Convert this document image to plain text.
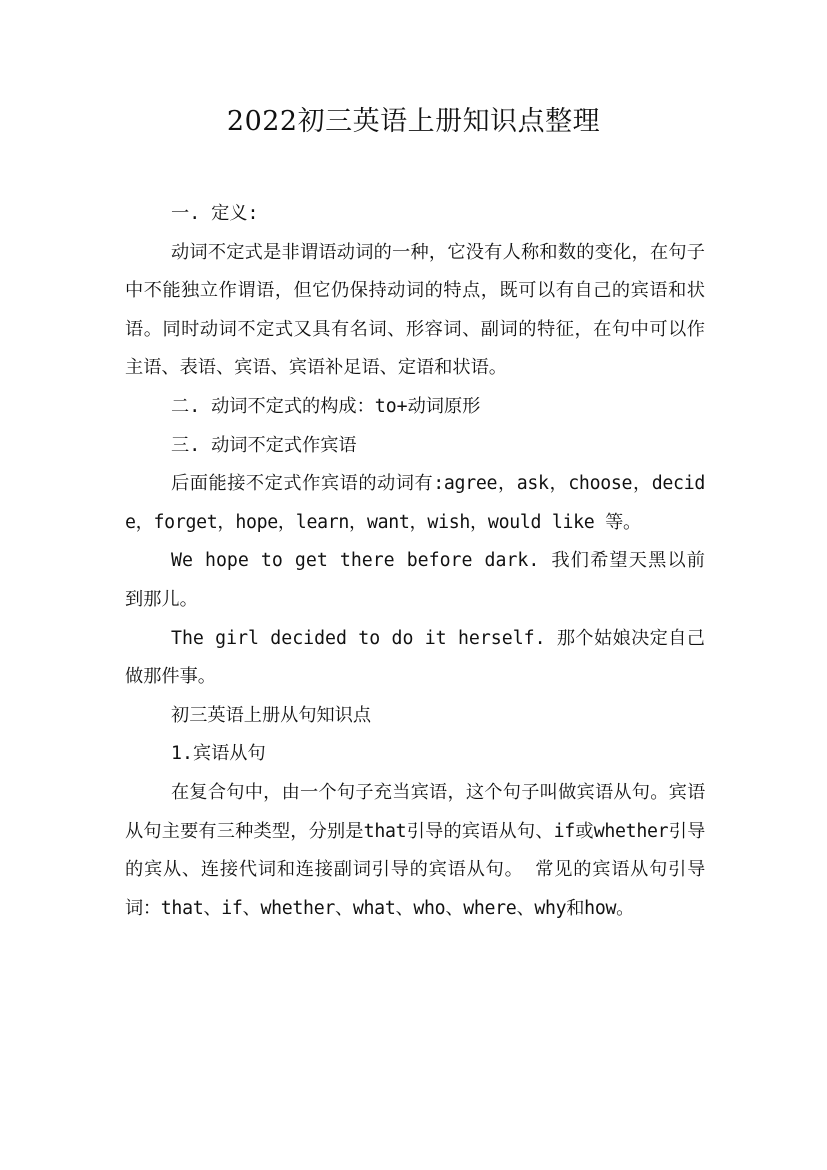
2022初三英语上册知识点整理

一. 定义:

动词不定式是非谓语动词的一种，它没有人称和数的变化，在句子中不能独立作谓语，但它仍保持动词的特点，既可以有自己的宾语和状语。同时动词不定式又具有名词、形容词、副词的特征，在句中可以作主语、表语、宾语、宾语补足语、定语和状语。

二. 动词不定式的构成：to+动词原形

三. 动词不定式作宾语

后面能接不定式作宾语的动词有:agree，ask，choose，decide，forget，hope，learn，want，wish，would like 等。

We hope to get there before dark. 我们希望天黑以前到那儿。

The girl decided to do it herself. 那个姑娘决定自己做那件事。

初三英语上册从句知识点

1.宾语从句

在复合句中，由一个句子充当宾语，这个句子叫做宾语从句。宾语从句主要有三种类型，分别是that引导的宾语从句、if或whether引导的宾从、连接代词和连接副词引导的宾语从句。 常见的宾语从句引导词：that、if、whether、what、who、where、why和how。
